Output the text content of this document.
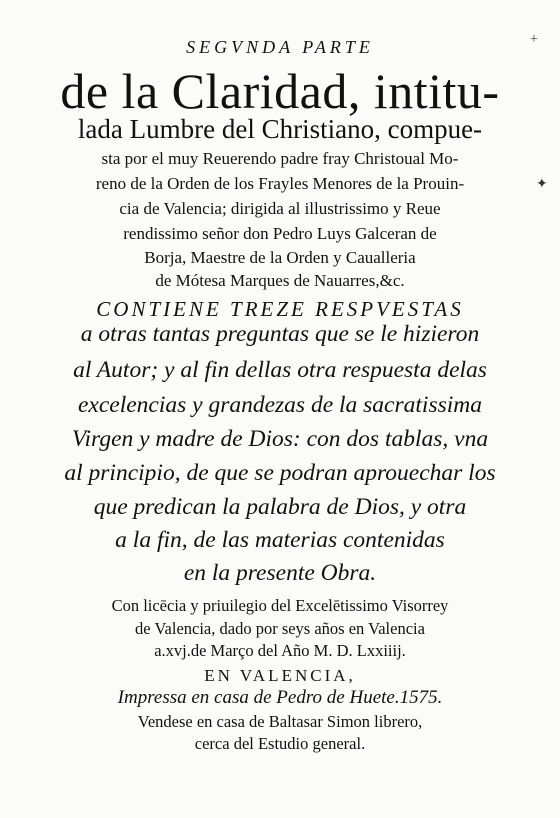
SEGVNDA PARTE
de la Claridad, intitu-
lada Lumbre del Christiano, compue-
sta por el muy Reuerendo padre fray Christoual Mo-
reno de la Orden de los Frayles Menores de la Prouin-
cia de Valencia; dirigida al illustrissimo y Reue
rendissimo señor don Pedro Luys Galceran de
Borja, Maestre de la Orden y Caualleria
de Mótesa Marques de Nauarres,&c.
CONTIENE TREZE RESPVESTAS
a otras tantas preguntas que se le hizieron
al Autor; y al fin dellas otra respuesta delas
excelencias y grandezas de la sacratissima
Virgen y madre de Dios: con dos tablas, vna
al principio, de que se podran aprouechar los
que predican la palabra de Dios, y otra
a la fin, de las materias contenidas
en la presente Obra.
Con licēcia y priuilegio del Excelētissimo Visorrey
de Valencia, dado por seys años en Valencia
a.xvj.de Março del Año M. D. Lxxiiij.
EN VALENCIA,
Impressa en casa de Pedro de Huete.1575.
Vendese en casa de Baltasar Simon librero,
cerca del Estudio general.
+
✦
